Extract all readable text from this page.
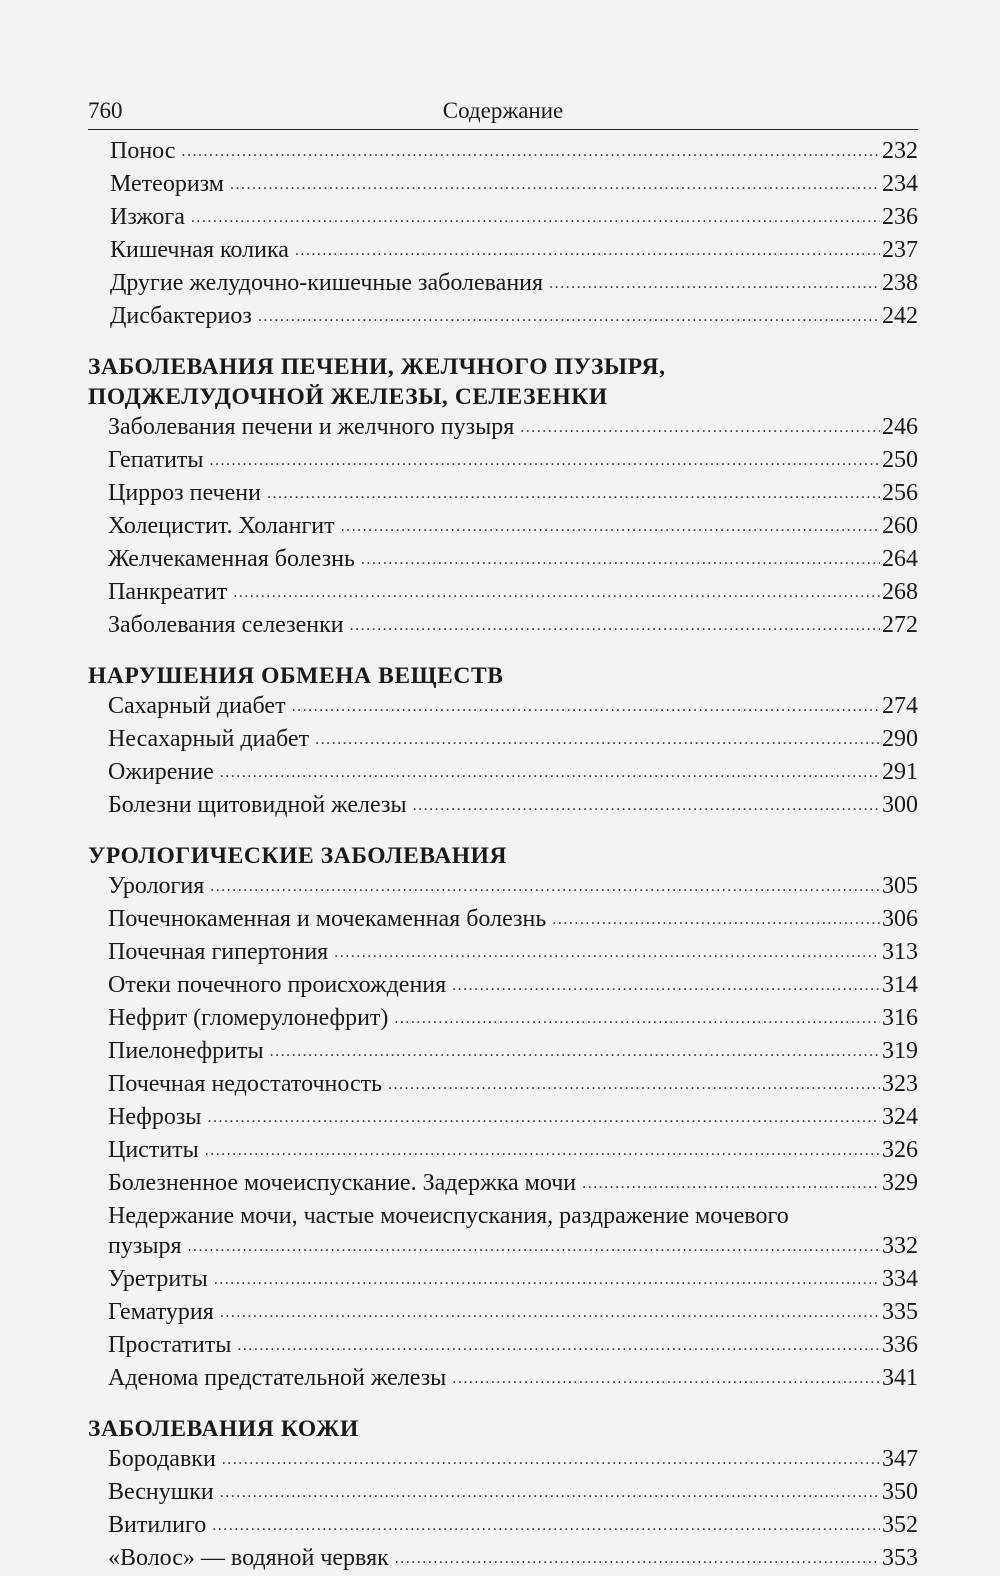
760	Содержание
Понос .....	232
Метеоризм .....	234
Изжога .....	236
Кишечная колика .....	237
Другие желудочно-кишечные заболевания .....	238
Дисбактериоз .....	242
ЗАБОЛЕВАНИЯ ПЕЧЕНИ, ЖЕЛЧНОГО ПУЗЫРЯ,
ПОДЖЕЛУДОЧНОЙ ЖЕЛЕЗЫ, СЕЛЕЗЕНКИ
Заболевания печени и желчного пузыря .....	246
Гепатиты .....	250
Цирроз печени .....	256
Холецистит. Холангит .....	260
Желчекаменная болезнь .....	264
Панкреатит .....	268
Заболевания селезенки .....	272
НАРУШЕНИЯ ОБМЕНА ВЕЩЕСТВ
Сахарный диабет .....	274
Несахарный диабет .....	290
Ожирение .....	291
Болезни щитовидной железы .....	300
УРОЛОГИЧЕСКИЕ ЗАБОЛЕВАНИЯ
Урология .....	305
Почечнокаменная и мочекаменная болезнь .....	306
Почечная гипертония .....	313
Отеки почечного происхождения .....	314
Нефрит (гломерулонефрит) .....	316
Пиелонефриты .....	319
Почечная недостаточность .....	323
Нефрозы .....	324
Циститы .....	326
Болезненное мочеиспускание. Задержка мочи .....	329
Недержание мочи, частые мочеиспускания, раздражение мочевого
пузыря .....	332
Уретриты .....	334
Гематурия .....	335
Простатиты .....	336
Аденома предстательной железы .....	341
ЗАБОЛЕВАНИЯ КОЖИ
Бородавки .....	347
Веснушки .....	350
Витилиго .....	352
«Волос» — водяной червяк .....	353
